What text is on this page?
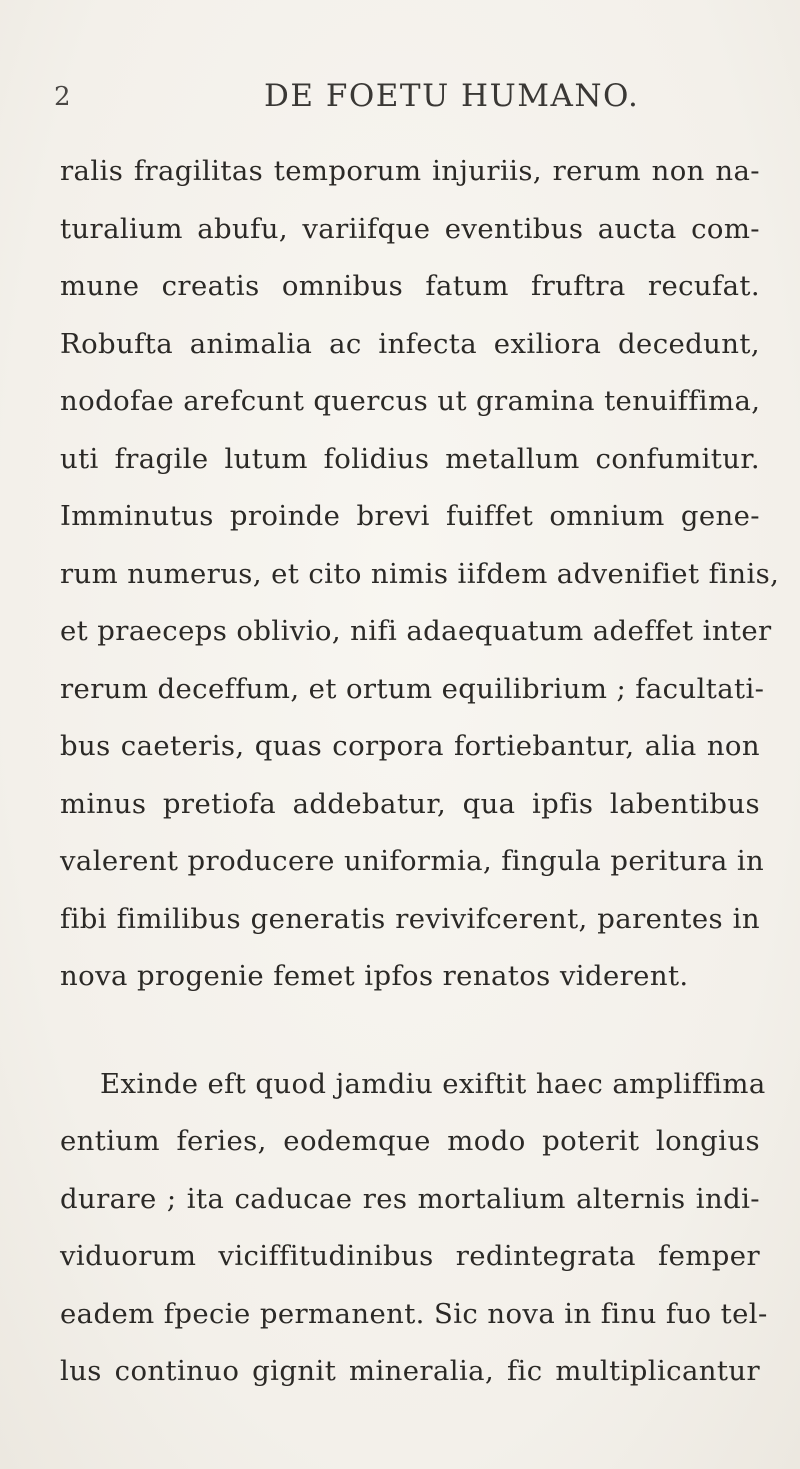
2	DE FOETU HUMANO.
ralis fragilitas temporum injuriis, rerum non na-
turalium abufu, variifque eventibus aucta com-
mune creatis omnibus fatum fruftra recufat.
Robufta animalia ac infecta exiliora decedunt,
nodofae arefcunt quercus ut gramina tenuiffima,
uti fragile lutum folidius metallum confumitur.
Imminutus proinde brevi fuiffet omnium gene-
rum numerus, et cito nimis iifdem advenifiet finis,
et praeceps oblivio, nifi adaequatum adeffet inter
rerum deceffum, et ortum equilibrium ; facultati-
bus caeteris, quas corpora fortiebantur, alia non
minus pretiofa addebatur, qua ipfis labentibus
valerent producere uniformia, fingula peritura in
fibi fimilibus generatis revivifcerent, parentes in
nova progenie femet ipfos renatos viderent.
Exinde eft quod jamdiu exiftit haec ampliffima
entium feries, eodemque modo poterit longius
durare ; ita caducae res mortalium alternis indi-
viduorum viciffitudinibus redintegrata femper
eadem fpecie permanent. Sic nova in finu fuo tel-
lus continuo gignit mineralia, fic multiplicantur
